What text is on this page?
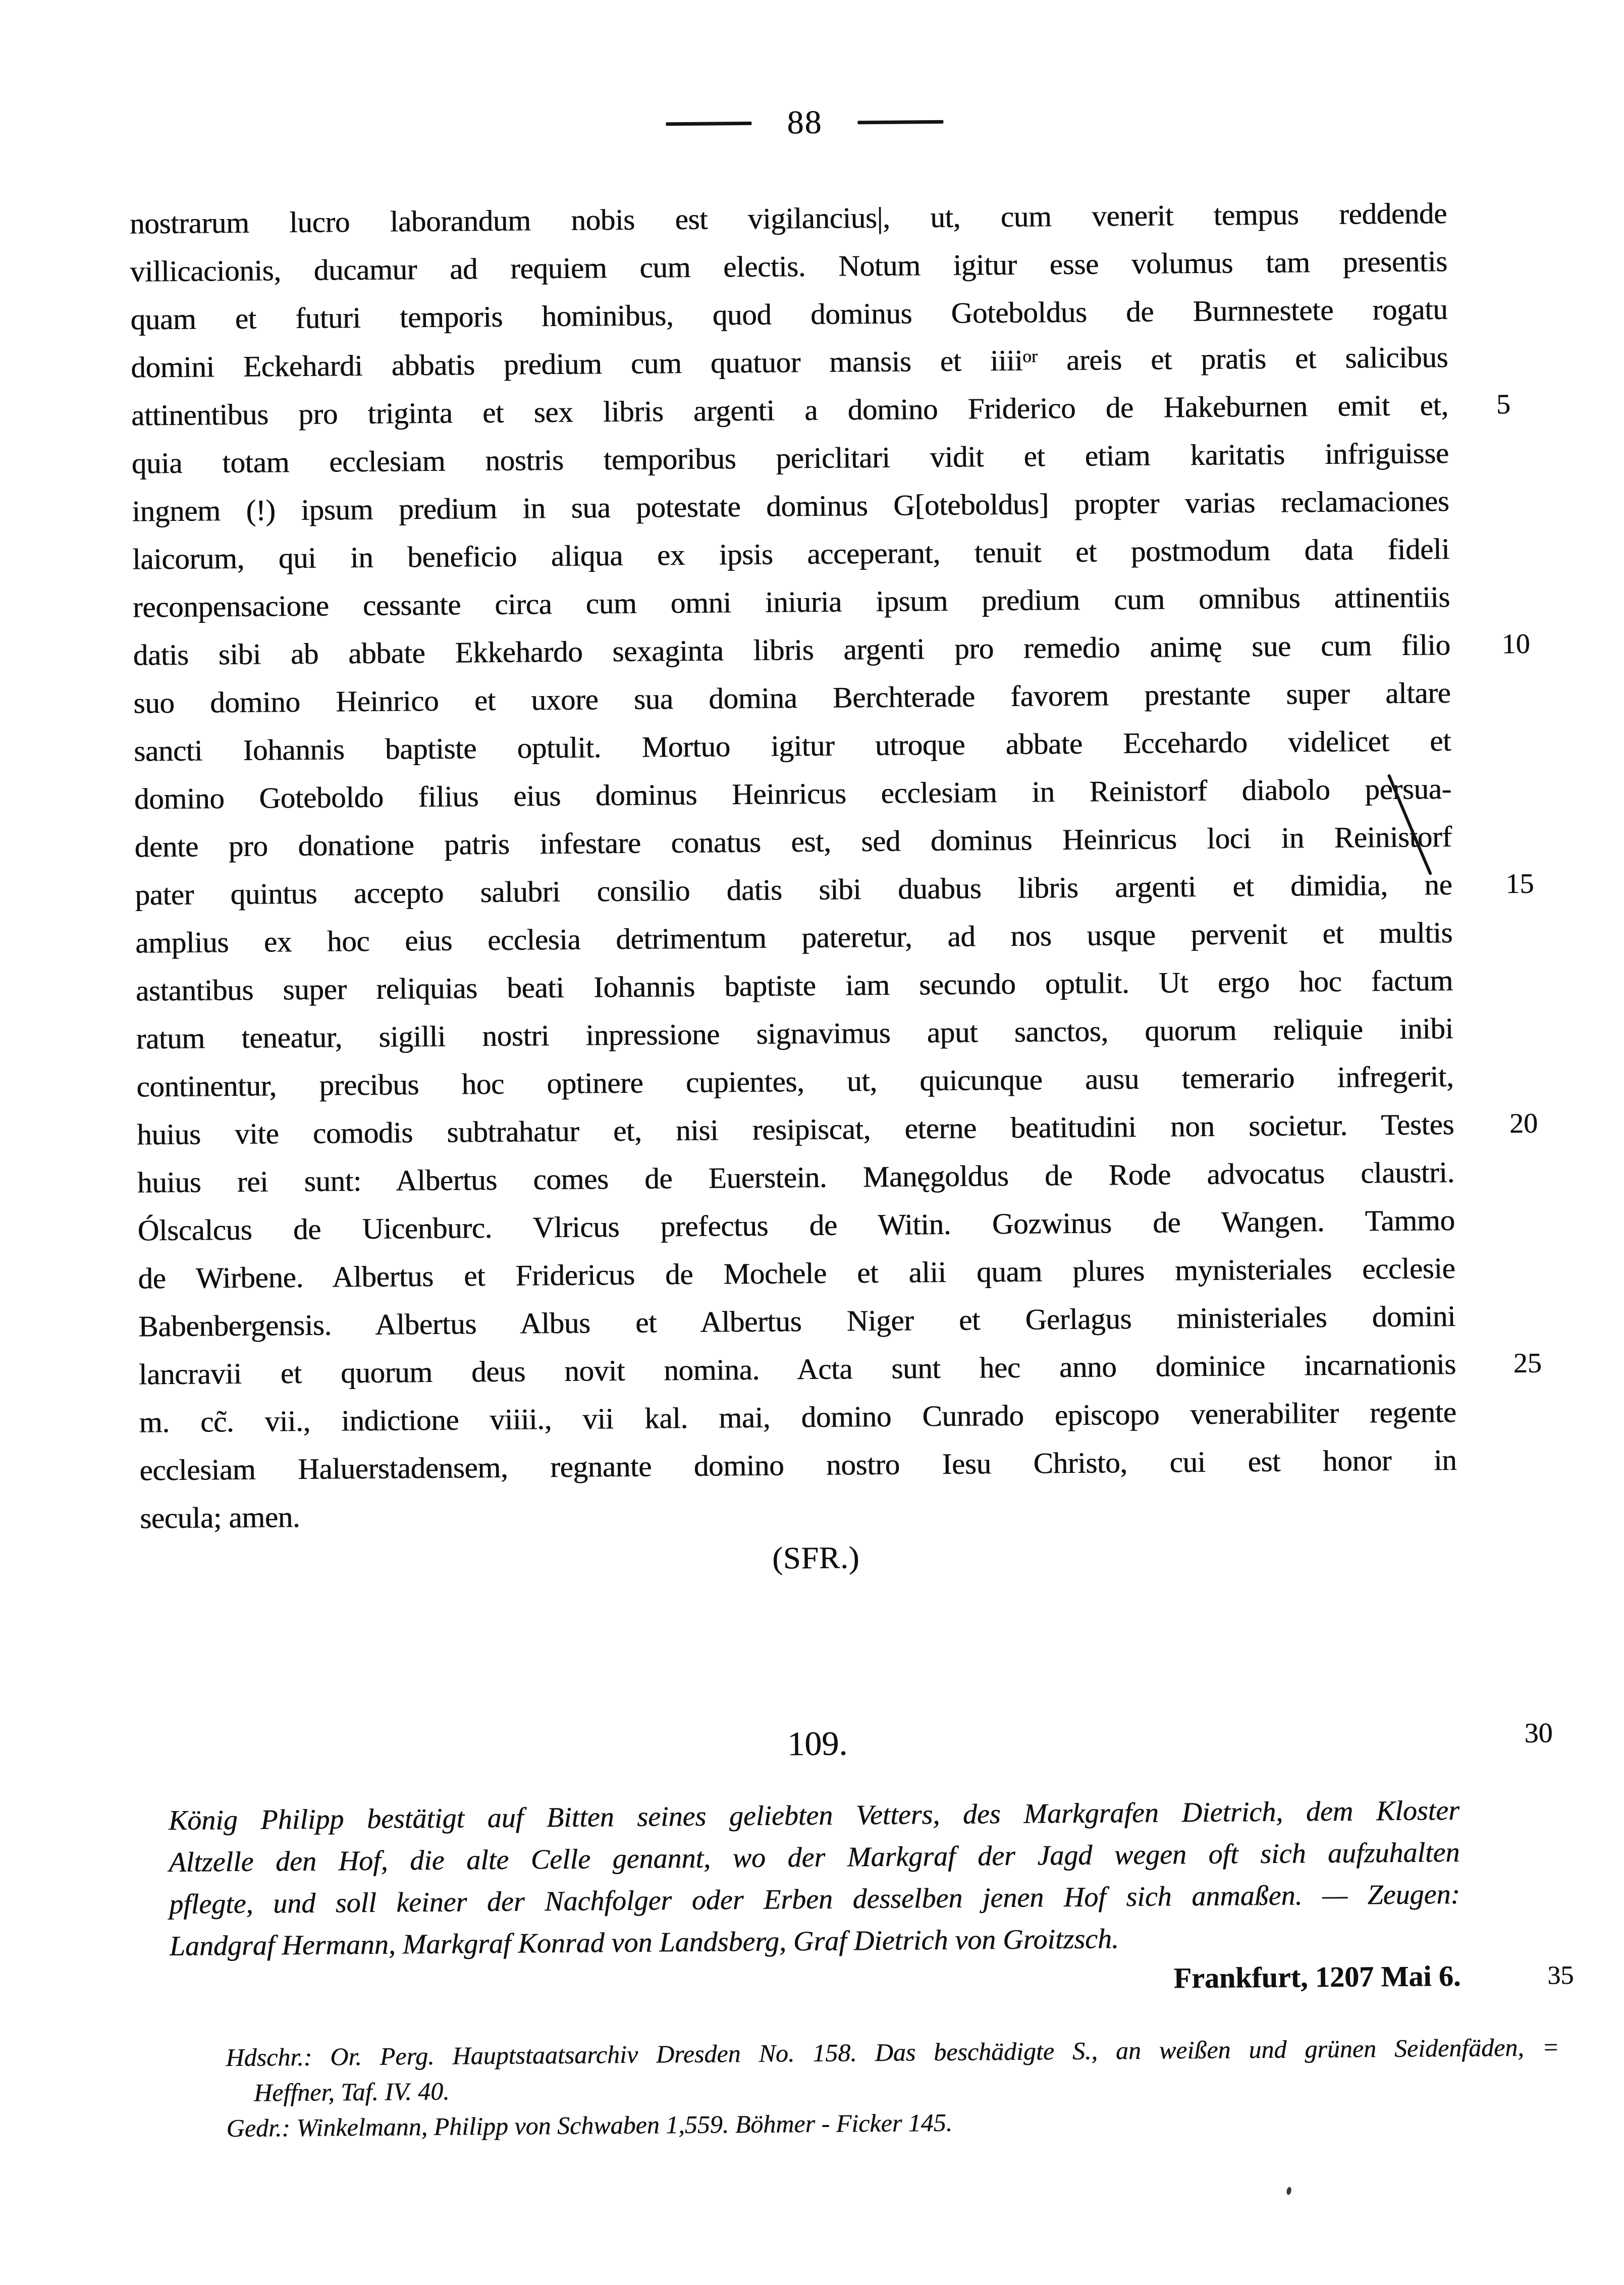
88
nostrarum lucro laborandum nobis est vigilancius|, ut, cum venerit tempus reddende
villicacionis, ducamur ad requiem cum electis. Notum igitur esse volumus tam presentis
quam et futuri temporis hominibus, quod dominus Goteboldus de Burnnestete rogatu
domini Eckehardi abbatis predium cum quatuor mansis et iiiiᵒʳ areis et pratis et salicibus
attinentibus pro triginta et sex libris argenti a domino Friderico de Hakeburnen emit et,
quia totam ecclesiam nostris temporibus periclitari vidit et etiam karitatis infriguisse
ingnem (!) ipsum predium in sua potestate dominus G[oteboldus] propter varias reclamaciones
laicorum, qui in beneficio aliqua ex ipsis acceperant, tenuit et postmodum data fideli
reconpensacione cessante circa cum omni iniuria ipsum predium cum omnibus attinentiis
datis sibi ab abbate Ekkehardo sexaginta libris argenti pro remedio animę sue cum filio
suo domino Heinrico et uxore sua domina Berchterade favorem prestante super altare
sancti Iohannis baptiste optulit. Mortuo igitur utroque abbate Eccehardo videlicet et
domino Goteboldo filius eius dominus Heinricus ecclesiam in Reinistorf diabolo persua-
dente pro donatione patris infestare conatus est, sed dominus Heinricus loci in Reinistorf
pater quintus accepto salubri consilio datis sibi duabus libris argenti et dimidia, ne
amplius ex hoc eius ecclesia detrimentum pateretur, ad nos usque pervenit et multis
astantibus super reliquias beati Iohannis baptiste iam secundo optulit. Ut ergo hoc factum
ratum teneatur, sigilli nostri inpressione signavimus aput sanctos, quorum reliquie inibi
continentur, precibus hoc optinere cupientes, ut, quicunque ausu temerario infregerit,
huius vite comodis subtrahatur et, nisi resipiscat, eterne beatitudini non societur. Testes
huius rei sunt: Albertus comes de Euerstein. Manęgoldus de Rode advocatus claustri.
Ólscalcus de Uicenburc. Vlricus prefectus de Witin. Gozwinus de Wangen. Tammo
de Wirbene. Albertus et Fridericus de Mochele et alii quam plures mynisteriales ecclesie
Babenbergensis. Albertus Albus et Albertus Niger et Gerlagus ministeriales domini
lancravii et quorum deus novit nomina. Acta sunt hec anno dominice incarnationis
m. cc̃. vii., indictione viiii., vii kal. mai, domino Cunrado episcopo venerabiliter regente
ecclesiam Haluerstadensem, regnante domino nostro Iesu Christo, cui est honor in
secula; amen.
5
10
15
20
25
30
35
(SFR.)
109.
König Philipp bestätigt auf Bitten seines geliebten Vetters, des Markgrafen Dietrich, dem Kloster
Altzelle den Hof, die alte Celle genannt, wo der Markgraf der Jagd wegen oft sich aufzuhalten
pflegte, und soll keiner der Nachfolger oder Erben desselben jenen Hof sich anmaßen. — Zeugen:
Landgraf Hermann, Markgraf Konrad von Landsberg, Graf Dietrich von Groitzsch.
Frankfurt, 1207 Mai 6.
Hdschr.: Or. Perg. Hauptstaatsarchiv Dresden No. 158. Das beschädigte S., an weißen und grünen Seidenfäden, =
Heffner, Taf. IV. 40.
Gedr.: Winkelmann, Philipp von Schwaben 1,559. Böhmer - Ficker 145.
